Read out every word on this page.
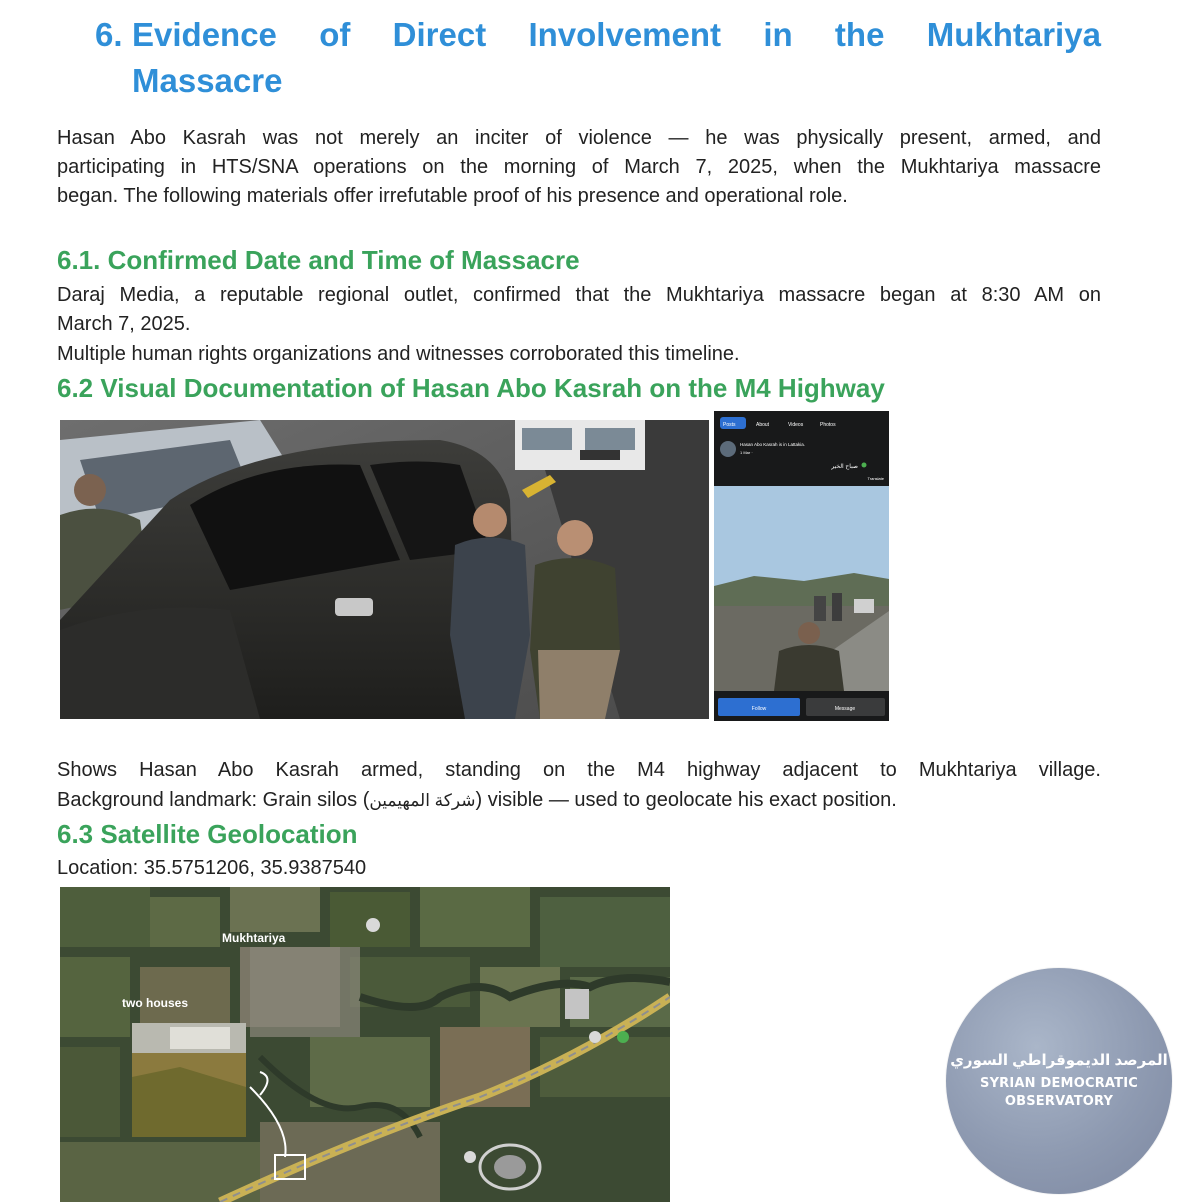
6. Evidence of Direct Involvement in the Mukhtariya
Massacre

Hasan Abo Kasrah was not merely an inciter of violence — he was physically present, armed, and

participating in HTS/SNA operations on the morning of March 7, 2025, when the Mukhtariya massacre

began. The following materials offer irrefutable proof of his presence and operational role.

6.1. Confirmed Date and Time of Massacre

Daraj Media, a reputable regional outlet, confirmed that the Mukhtariya massacre began at 8:30 AM on

March 7, 2025.

Multiple human rights organizations and witnesses corroborated this timeline.

6.2 Visual Documentation of Hasan Abo Kasrah on the M4 Highway
Posts	About	Videos	Photos
Hasan Abo Kasrah is in Lattakia.
1 Mar ·
صباح الخير
Translate
Follow	Message

Shows Hasan Abo Kasrah armed, standing on the M4 highway adjacent to Mukhtariya village.

Background landmark: Grain silos (شركة المهيمين) visible — used to geolocate his exact position.

6.3 Satellite Geolocation

Location: 35.5751206, 35.9387540

Mukhtariya
two houses
المرصد الديموقراطي السوري
SYRIAN DEMOCRATIC OBSERVATORY
